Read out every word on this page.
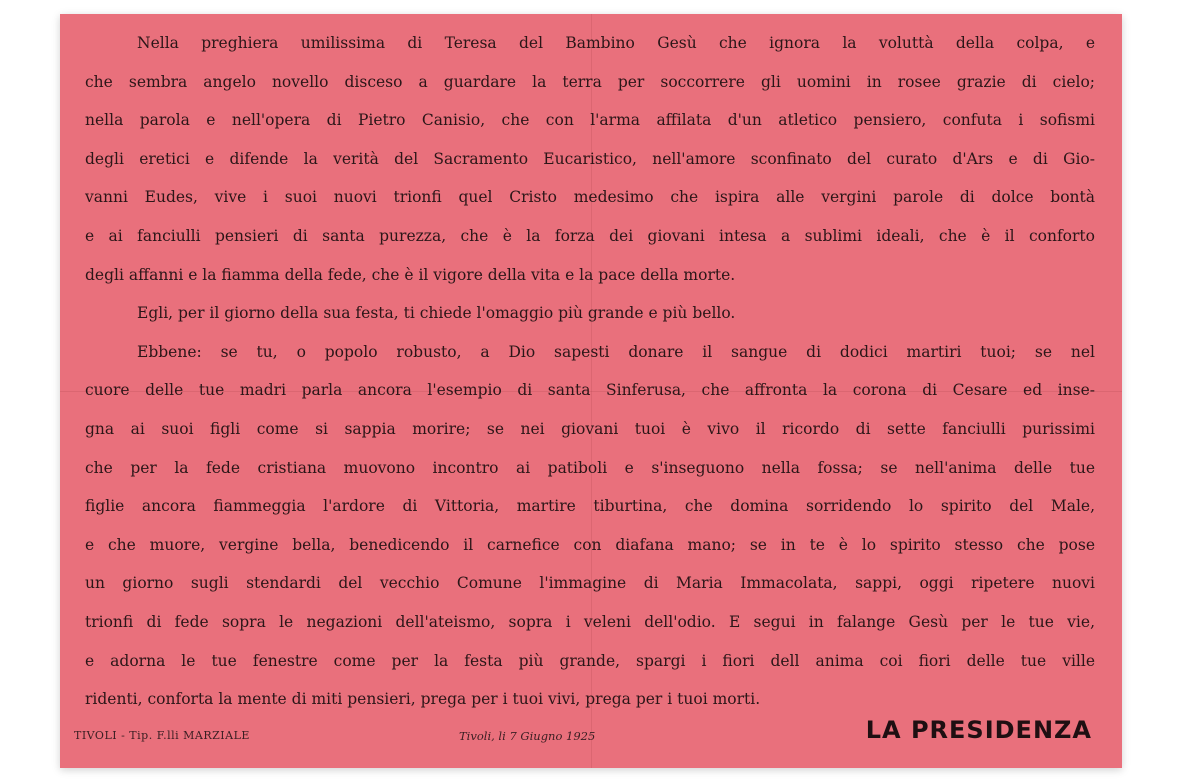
Nella preghiera umilissima di Teresa del Bambino Gesù che ignora la voluttà della colpa, e
che sembra angelo novello disceso a guardare la terra per soccorrere gli uomini in rosee grazie di cielo;
nella parola e nell'opera di Pietro Canisio, che con l'arma affilata d'un atletico pensiero, confuta i sofismi
degli eretici e difende la verità del Sacramento Eucaristico, nell'amore sconfinato del curato d'Ars e di Gio-
vanni Eudes, vive i suoi nuovi trionfi quel Cristo medesimo che ispira alle vergini parole di dolce bontà
e ai fanciulli pensieri di santa purezza, che è la forza dei giovani intesa a sublimi ideali, che è il conforto
degli affanni e la fiamma della fede, che è il vigore della vita e la pace della morte.
Egli, per il giorno della sua festa, ti chiede l'omaggio più grande e più bello.
Ebbene: se tu, o popolo robusto, a Dio sapesti donare il sangue di dodici martiri tuoi; se nel
cuore delle tue madri parla ancora l'esempio di santa Sinferusa, che affronta la corona di Cesare ed inse-
gna ai suoi figli come si sappia morire; se nei giovani tuoi è vivo il ricordo di sette fanciulli purissimi
che per la fede cristiana muovono incontro ai patiboli e s'inseguono nella fossa; se nell'anima delle tue
figlie ancora fiammeggia l'ardore di Vittoria, martire tiburtina, che domina sorridendo lo spirito del Male,
e che muore, vergine bella, benedicendo il carnefice con diafana mano; se in te è lo spirito stesso che pose
un giorno sugli stendardi del vecchio Comune l'immagine di Maria Immacolata, sappi, oggi ripetere nuovi
trionfi di fede sopra le negazioni dell'ateismo, sopra i veleni dell'odio. E segui in falange Gesù per le tue vie,
e adorna le tue fenestre come per la festa più grande, spargi i fiori dell anima coi fiori delle tue ville
ridenti, conforta la mente di miti pensieri, prega per i tuoi vivi, prega per i tuoi morti.
TIVOLI - Tip. F.lli MARZIALE	Tivoli, li 7 Giugno 1925	LA PRESIDENZA
